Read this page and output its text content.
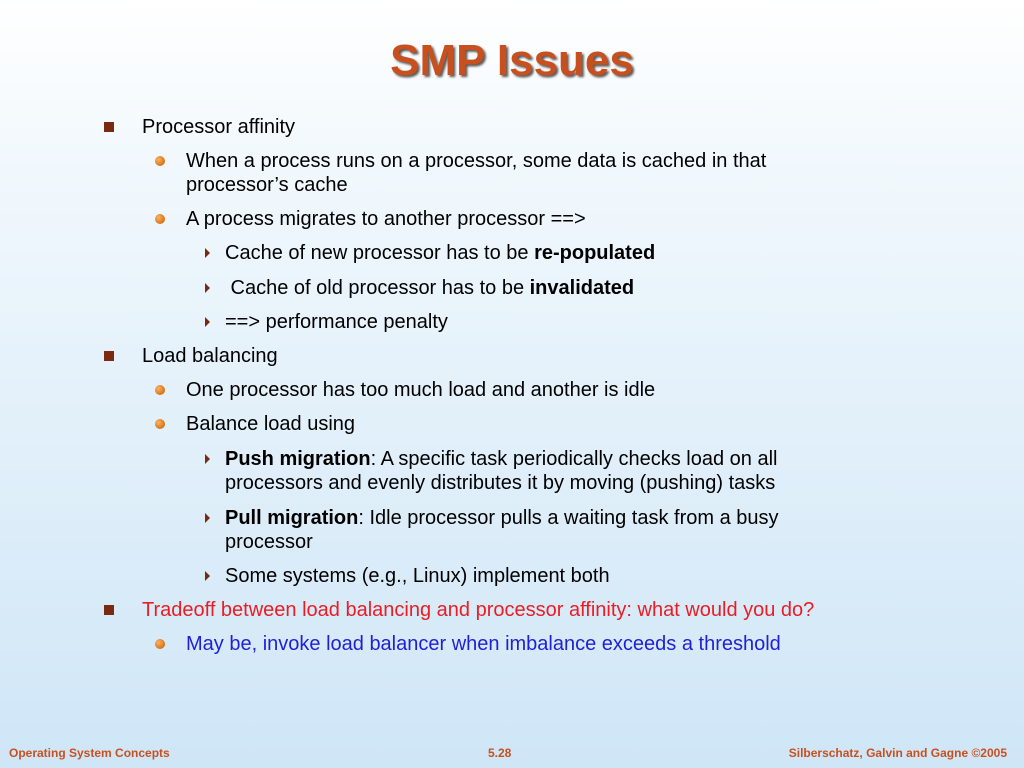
SMP Issues
Processor affinity
When a process runs on a processor, some data is cached in that
processor’s cache
A process migrates to another processor ==>
Cache of new processor has to be re-populated
Cache of old processor has to be invalidated
==> performance penalty
Load balancing
One processor has too much load and another is idle
Balance load using
Push migration: A specific task periodically checks load on all
processors and evenly distributes it by moving (pushing) tasks
Pull migration: Idle processor pulls a waiting task from a busy
processor
Some systems (e.g., Linux) implement both
Tradeoff between load balancing and processor affinity: what would you do?
May be, invoke load balancer when imbalance exceeds a threshold
Operating System Concepts	5.28	Silberschatz, Galvin and Gagne ©2005
